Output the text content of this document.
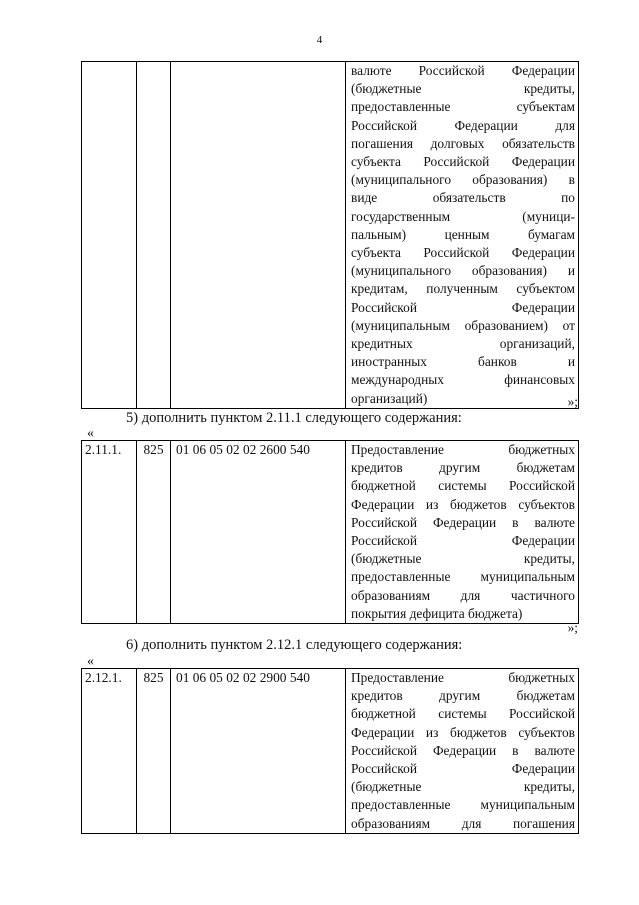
4

валюте Российской Федерации
(бюджетные кредиты,
предоставленные субъектам
Российской Федерации для
погашения долговых обязательств
субъекта Российской Федерации
(муниципального образования) в
виде обязательств по
государственным (муници-
пальным) ценным бумагам
субъекта Российской Федерации
(муниципального образования) и
кредитам, полученным субъектом
Российской Федерации
(муниципальным образованием) от
кредитных организаций,
иностранных банков и
международных финансовых
организаций)	»;
5) дополнить пунктом 2.11.1 следующего содержания:
«
2.11.1.	825	01 06 05 02 02 2600 540	Предоставление бюджетных
кредитов другим бюджетам
бюджетной системы Российской
Федерации из бюджетов субъектов
Российской Федерации в валюте
Российской Федерации
(бюджетные кредиты,
предоставленные муниципальным
образованиям для частичного
покрытия дефицита бюджета)
»;
6) дополнить пунктом 2.12.1 следующего содержания:
«
2.12.1.	825	01 06 05 02 02 2900 540	Предоставление бюджетных
кредитов другим бюджетам
бюджетной системы Российской
Федерации из бюджетов субъектов
Российской Федерации в валюте
Российской Федерации
(бюджетные кредиты,
предоставленные муниципальным
образованиям для погашения
